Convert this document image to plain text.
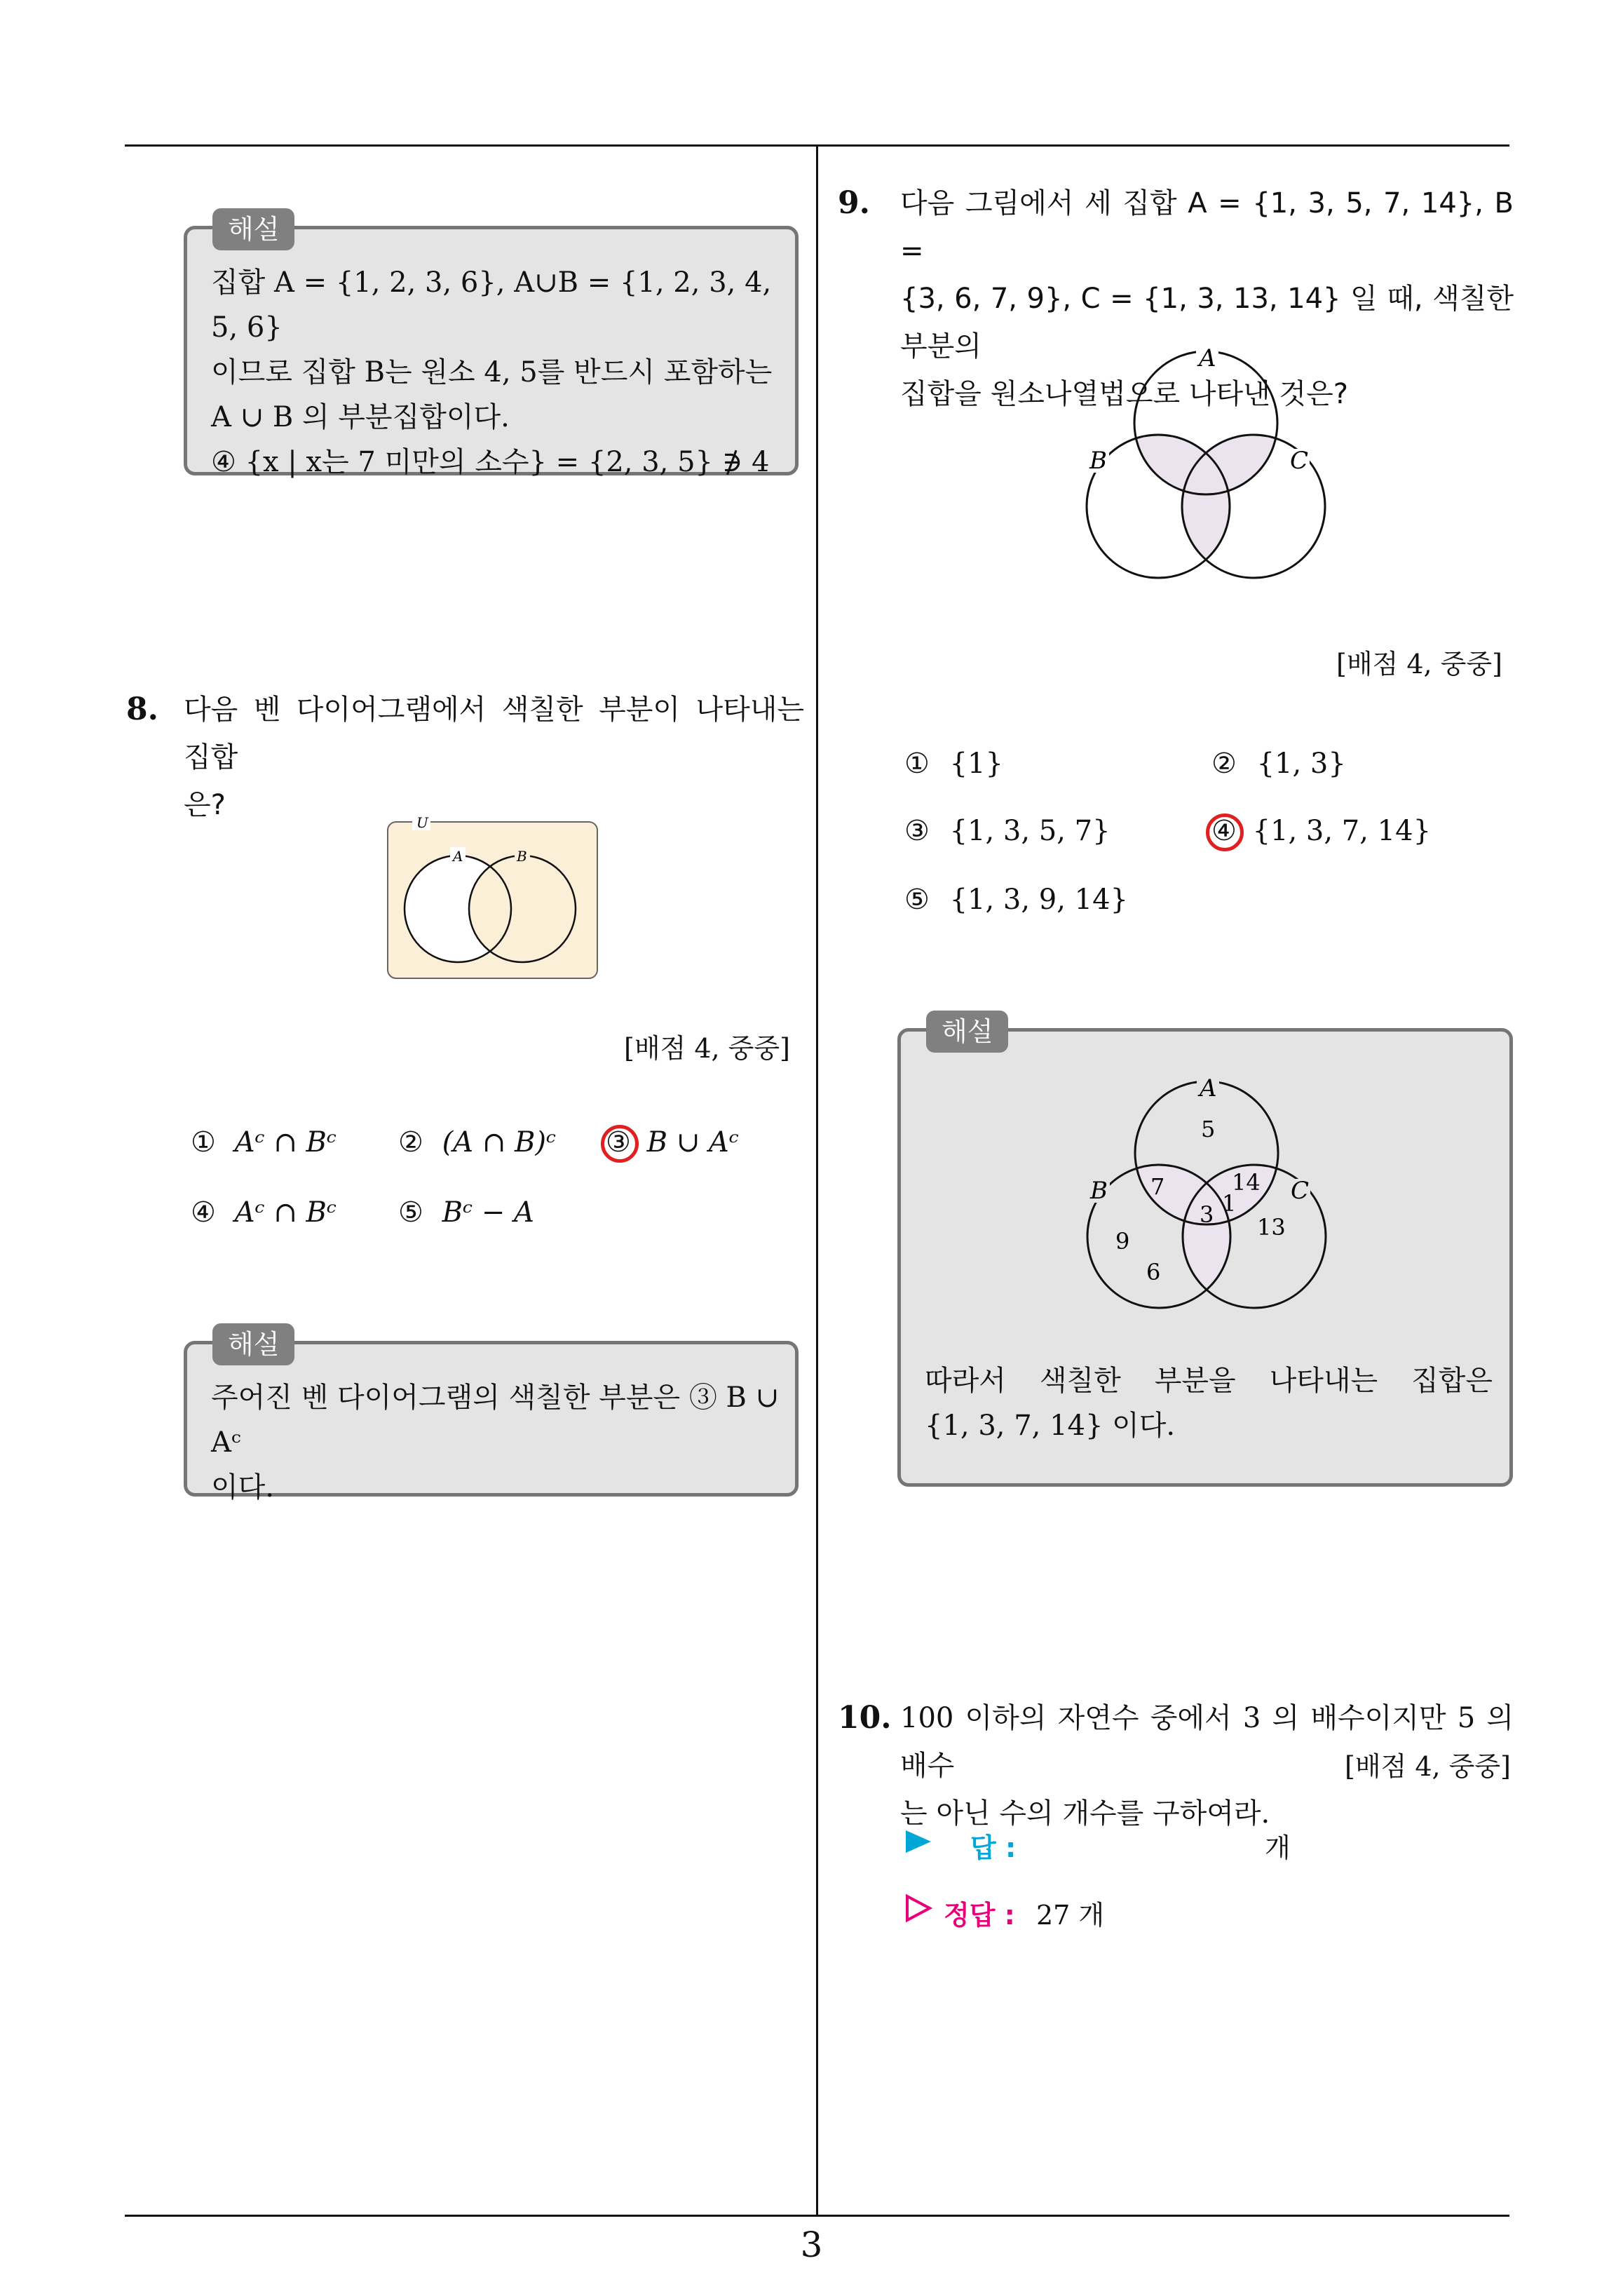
3
해설
집합 A = {1, 2, 3, 6}, A∪B = {1, 2, 3, 4, 5, 6}
이므로 집합 B는 원소 4, 5를 반드시 포함하는
A ∪ B 의 부분집합이다.
④ {x | x는 7 미만의 소수} = {2, 3, 5} ∌ 4
8. 다음 벤 다이어그램에서 색칠한 부분이 나타내는 집합
은?
U
A	B
[배점 4, 중중]
① Aᶜ ∩ Bᶜ ② (A ∩ B)ᶜ ③ B ∪ Aᶜ
④ Aᶜ ∩ Bᶜ ⑤ Bᶜ − A
해설
주어진 벤 다이어그램의 색칠한 부분은 ③ B ∪ Aᶜ
이다.
9. 다음 그림에서 세 집합 A = {1, 3, 5, 7, 14}, B =
{3, 6, 7, 9}, C = {1, 3, 13, 14} 일 때, 색칠한 부분의
집합을 원소나열법으로 나타낸 것은?
A
B	C
[배점 4, 중중]
① {1}	② {1, 3}
③ {1, 3, 5, 7}	④ {1, 3, 7, 14}
⑤ {1, 3, 9, 14}
해설
A
B	C
5
7	14
3 1
13
9
6
따라서 색칠한 부분을 나타내는 집합은
{1, 3, 7, 14} 이다.
10. 100 이하의 자연수 중에서 3 의 배수이지만 5 의 배수
는 아닌 수의 개수를 구하여라.
[배점 4, 중중]
답 :	개
정답 : 27 개
